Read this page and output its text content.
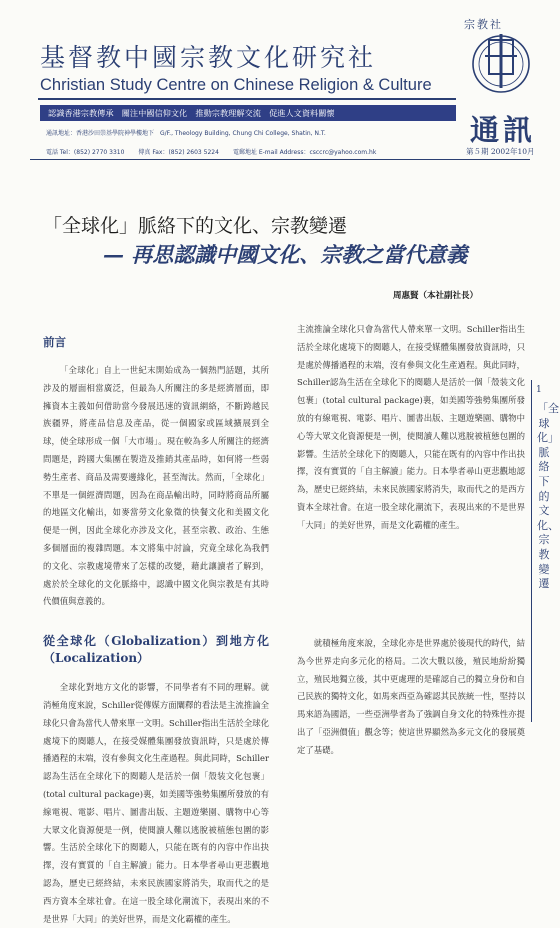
基督教中國宗教文化研究社
Christian Study Centre on Chinese Religion & Culture
宗教社
認識香港宗教傳承　關注中國信仰文化　推動宗教理解交流　促進人文資料關懷
通訊地址：香港沙田崇基學院神學樓地下　G/F., Theology Building, Chung Chi College, Shatin, N.T.
電話 Tel：(852) 2770 3310 傳真 Fax：(852) 2603 5224 電郵地址 E-mail Address：csccrc@yahoo.com.hk
通訊
第５期 2002年10月
「全球化」脈絡下的文化、宗教變遷
— 再思認識中國文化、宗教之當代意義
周惠賢（本社副社長）
前言

「全球化」自上一世紀末開始成為一個熱門話題，其所涉及的層面相當廣泛，但最為人所關注的多是經濟層面，即擁資本主義如何借助當今發展迅速的資訊網絡，不斷跨越民族疆界，將產品信息及產品，從一個國家或區域擴展到全球，使全球形成一個「大市場」。現在較為多人所關注的經濟問題是，跨國大集團在製造及推銷其產品時，如何將一些弱勢生產者、商品及需要邊緣化，甚至淘汰。然而，「全球化」不單是一個經濟問題，因為在商品輸出時，同時將商品所屬的地區文化輸出，如麥當勞文化象徵的快餐文化和美國文化便是一例，因此全球化亦涉及文化，甚至宗教、政治、生態多個層面的複雜問題。本文將集中討論，究竟全球化為我們的文化、宗教處境帶來了怎樣的改變，藉此讓讀者了解到，處於於全球化的文化脈絡中，認識中國文化與宗教是有其時代價值與意義的。

從全球化（Globalization）到地方化（Localization）

全球化對地方文化的影響，不同學者有不同的理解。就消極角度來說，Schiller從傳媒方面闡釋的看法是主流推論全球化只會為當代人帶來單一文明。Schiller指出生活於全球化處境下的閱聽人，在接受媒體集團發放資訊時，只是處於傳播過程的末端，沒有參與文化生產過程。與此同時，Schiller認為生活在全球化下的閱聽人是活於一個「殼装文化包裹」(total cultural package)裏，如美國等強勢集團所發放的有線電視、電影、唱片、圖書出版、主題遊樂園、購物中心等大眾文化資源便是一例，使閱讀人難以逃脫被植態包圍的影響。生活於全球化下的閱聽人，只能在既有的內容中作出抉擇，沒有實質的「自主解讀」能力。日本學者尋山更悲觀地認為，歷史已經終結，未來民族國家將消失，取而代之的是西方資本全球社會。在這一股全球化潮流下，表現出來的不是世界「大同」的美好世界，而是文化霸權的產生。

主流推論全球化只會為當代人帶來單一文明。Schiller指出生活於全球化處境下的閱聽人，在接受媒體集團發放資訊時，只是處於傳播過程的末端，沒有參與文化生產過程。與此同時，Schiller認為生活在全球化下的閱聽人是活於一個「殼装文化包裹」(total cultural package)裏，如美國等強勢集團所發放的有線電視、電影、唱片、圖書出版、主題遊樂園、購物中心等大眾文化資源便是一例，使閱讀人難以逃脫被植態包圍的影響。生活於全球化下的閱聽人，只能在既有的內容中作出抉擇，沒有實質的「自主解讀」能力。日本學者尋山更悲觀地認為，歷史已經終結，未來民族國家將消失，取而代之的是西方資本全球社會。在這一股全球化潮流下，表現出來的不是世界「大同」的美好世界，而是文化霸權的產生。

就積極角度來說，全球化亦是世界處於後現代的時代，結為今世界走向多元化的格局。二次大戰以後，殖民地紛紛獨立，殖民地獨立後，其中更處理的是確認自己的獨立身份和自己民族的獨特文化，如馬來西亞為確認其民族統一性，堅持以馬來語為國語，一些亞洲學者為了強調自身文化的特殊性亦提出了「亞洲價值」觀念等；使這世界顯然為多元文化的發展奠定了基礎。

1
「全球化」脈絡下的文化、宗教變遷
